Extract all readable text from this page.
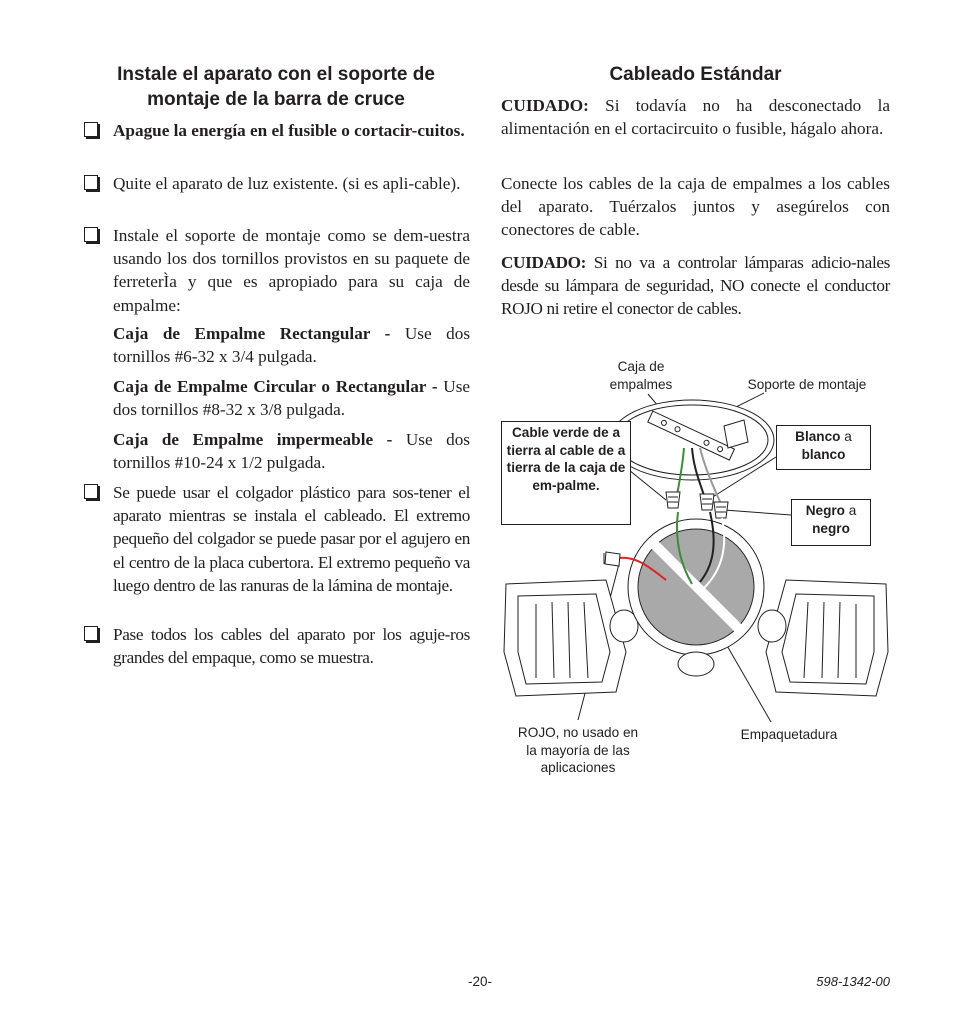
Instale el aparato con el soporte de montaje de la barra de cruce
Apague la energía en el fusible o cortacir-cuitos.
Quite el aparato de luz existente. (si es apli-cable).
Instale el soporte de montaje como se dem-uestra usando los dos tornillos provistos en su paquete de ferreterÌa y que es apropiado para su caja de empalme:
Caja de Empalme Rectangular - Use dos tornillos #6-32 x 3/4 pulgada.
Caja de Empalme Circular o Rectangular - Use dos tornillos #8-32 x 3/8 pulgada.
Caja de Empalme impermeable - Use dos tornillos #10-24 x 1/2 pulgada.
Se puede usar el colgador plástico para sos-tener el aparato mientras se instala el cableado. El extremo pequeño del colgador se puede pasar por el agujero en el centro de la placa cubertora. El extremo pequeño va luego dentro de las ranuras de la lámina de montaje.
Pase todos los cables del aparato por los aguje-ros grandes del empaque, como se muestra.
Cableado Estándar
CUIDADO: Si todavía no ha desconectado la alimentación en el cortacircuito o fusible, hágalo ahora.
Conecte los cables de la caja de empalmes a los cables del aparato. Tuérzalos juntos y asegúrelos con conectores de cable.
CUIDADO: Si no va a controlar lámparas adicio-nales desde su lámpara de seguridad, NO conecte el conductor ROJO ni retire el conector de cables.
Caja de
empalmes	Soporte de montaje
Cable verde de a tierra al cable de a tierra de la caja de em-palme.
Blanco a
blanco
Negro a
negro
ROJO, no usado en
la mayoría de las
aplicaciones
Empaquetadura
-20-	598-1342-00
